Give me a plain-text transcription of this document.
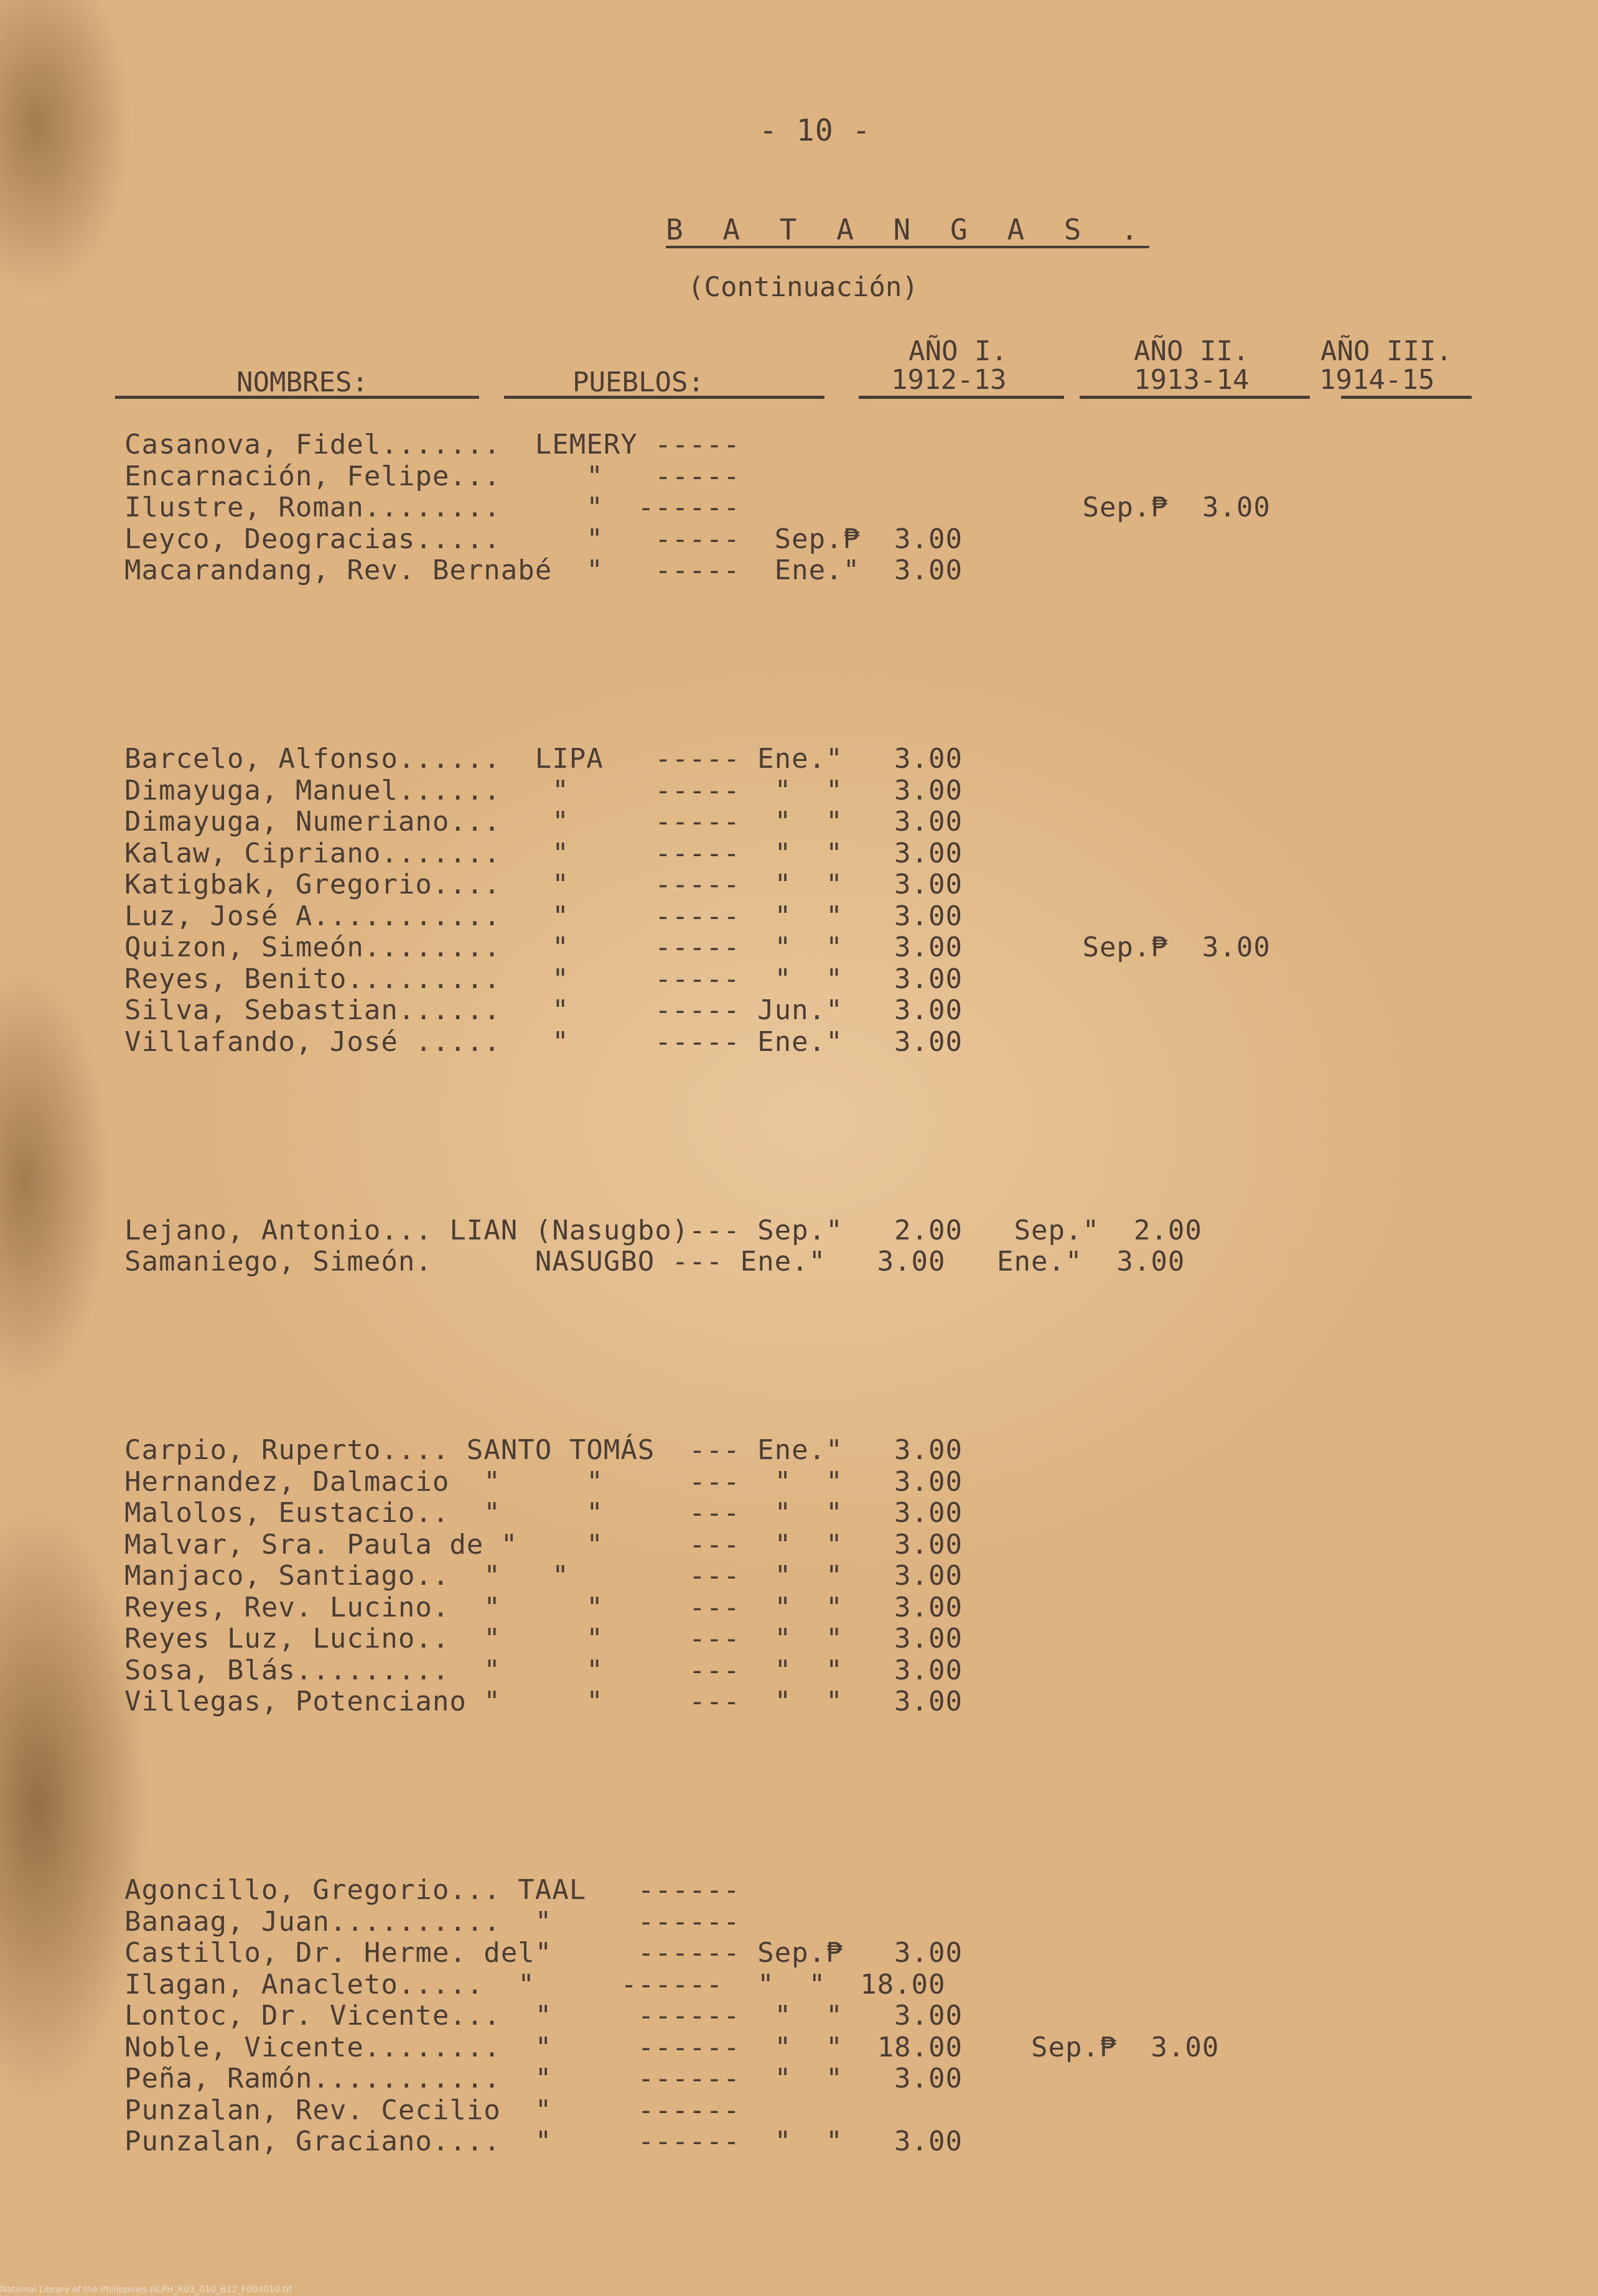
- 10 -
B A T A N G A S .
(Continuación)
NOMBRES:	PUEBLOS:
AÑO I.
1912-13
AÑO II.
1913-14
AÑO III.
1914-15
Casanova, Fidel.......  LEMERY -----
Encarnación, Felipe...     "   -----
Ilustre, Roman........     "  ------                    Sep.₱  3.00
Leyco, Deogracias.....     "   -----  Sep.₱  3.00
Macarandang, Rev. Bernabé  "   -----  Ene."  3.00
Barcelo, Alfonso......  LIPA   ----- Ene."   3.00
Dimayuga, Manuel......   "     -----  "  "   3.00
Dimayuga, Numeriano...   "     -----  "  "   3.00
Kalaw, Cipriano.......   "     -----  "  "   3.00
Katigbak, Gregorio....   "     -----  "  "   3.00
Luz, José A...........   "     -----  "  "   3.00
Quizon, Simeón........   "     -----  "  "   3.00       Sep.₱  3.00
Reyes, Benito.........   "     -----  "  "   3.00
Silva, Sebastian......   "     ----- Jun."   3.00
Villafando, José .....   "     ----- Ene."   3.00
Lejano, Antonio... LIAN (Nasugbo)--- Sep."   2.00   Sep."  2.00
Samaniego, Simeón.      NASUGBO --- Ene."   3.00   Ene."  3.00
Carpio, Ruperto.... SANTO TOMÁS  --- Ene."   3.00
Hernandez, Dalmacio  "     "     ---  "  "   3.00
Malolos, Eustacio..  "     "     ---  "  "   3.00
Malvar, Sra. Paula de "    "     ---  "  "   3.00
Manjaco, Santiago..  "   "       ---  "  "   3.00
Reyes, Rev. Lucino.  "     "     ---  "  "   3.00
Reyes Luz, Lucino..  "     "     ---  "  "   3.00
Sosa, Blás.........  "     "     ---  "  "   3.00
Villegas, Potenciano "     "     ---  "  "   3.00
Agoncillo, Gregorio... TAAL   ------
Banaag, Juan..........  "     ------
Castillo, Dr. Herme. del"     ------ Sep.₱   3.00
Ilagan, Anacleto.....  "     ------  "  "  18.00
Lontoc, Dr. Vicente...  "     ------  "  "   3.00
Noble, Vicente........  "     ------  "  "  18.00    Sep.₱  3.00
Peña, Ramón...........  "     ------  "  "   3.00
Punzalan, Rev. Cecilio  "     ------
Punzalan, Graciano....  "     ------  "  "   3.00
National Library of the Philippines NLPH_R03_010_B12_F004010.tif
